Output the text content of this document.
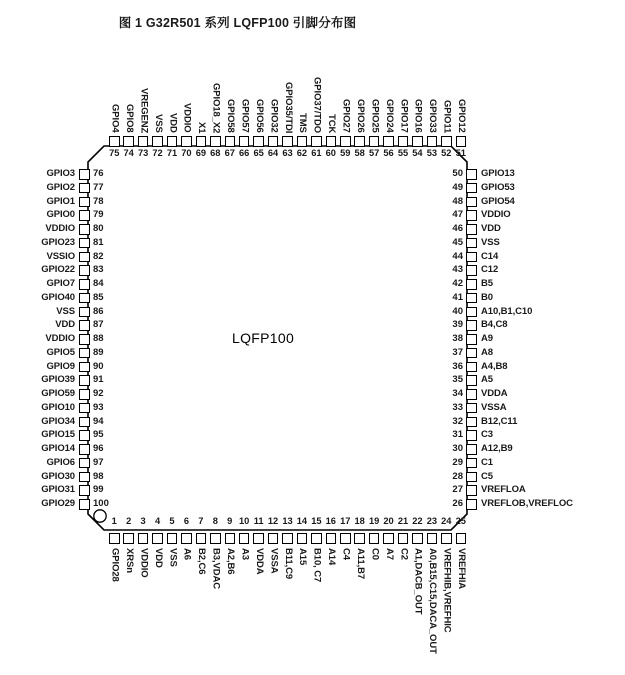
图 1 G32R501 系列 LQFP100 引脚分布图
LQFP100
GPIO4 GPIO8 VREGENZ VSS VDD VDDIO X1 GPIO18_X2 GPIO58 GPIO57 GPIO56 GPIO32 GPIO35/TDI TMS GPIO37/TDO TCK GPIO27 GPIO26 GPIO25 GPIO24 GPIO17 GPIO16 GPIO33 GPIO11 GPIO12
75 74 73 72 71 70 69 68 67 66 65 64 63 62 61 60 59 58 57 56 55 54 53 52 51
1 2 3 4 5 6 7 8 9 10 11 12 13 14 15 16 17 18 19 20 21 22 23 24 25
GPIO28 XRSn VDDIO VDD VSS A6 B2,C6 B3,VDAC A2,B6 A3 VDDA VSSA B11,C9 A15 B10, C7 A14 C4 A11,B7 C0 A7 C2 A1,DACB_OUT A0,B15,C15,DACA_OUT VREFHIB,VREFHIC VREFHIA
GPIO3
GPIO2
GPIO1
GPIO0
VDDIO
GPIO23
VSSIO
GPIO22
GPIO7
GPIO40
VSS
VDD
VDDIO
GPIO5
GPIO9
GPIO39
GPIO59
GPIO10
GPIO34
GPIO15
GPIO14
GPIO6
GPIO30
GPIO31
GPIO29
76
77
78
79
80
81
82
83
84
85
86
87
88
89
90
91
92
93
94
95
96
97
98
99
100
50
49
48
47
46
45
44
43
42
41
40
39
38
37
36
35
34
33
32
31
30
29
28
27
26
GPIO13
GPIO53
GPIO54
VDDIO
VDD
VSS
C14
C12
B5
B0
A10,B1,C10
B4,C8
A9
A8
A4,B8
A5
VDDA
VSSA
B12,C11
C3
A12,B9
C1
C5
VREFLOA
VREFLOB,VREFLOC
